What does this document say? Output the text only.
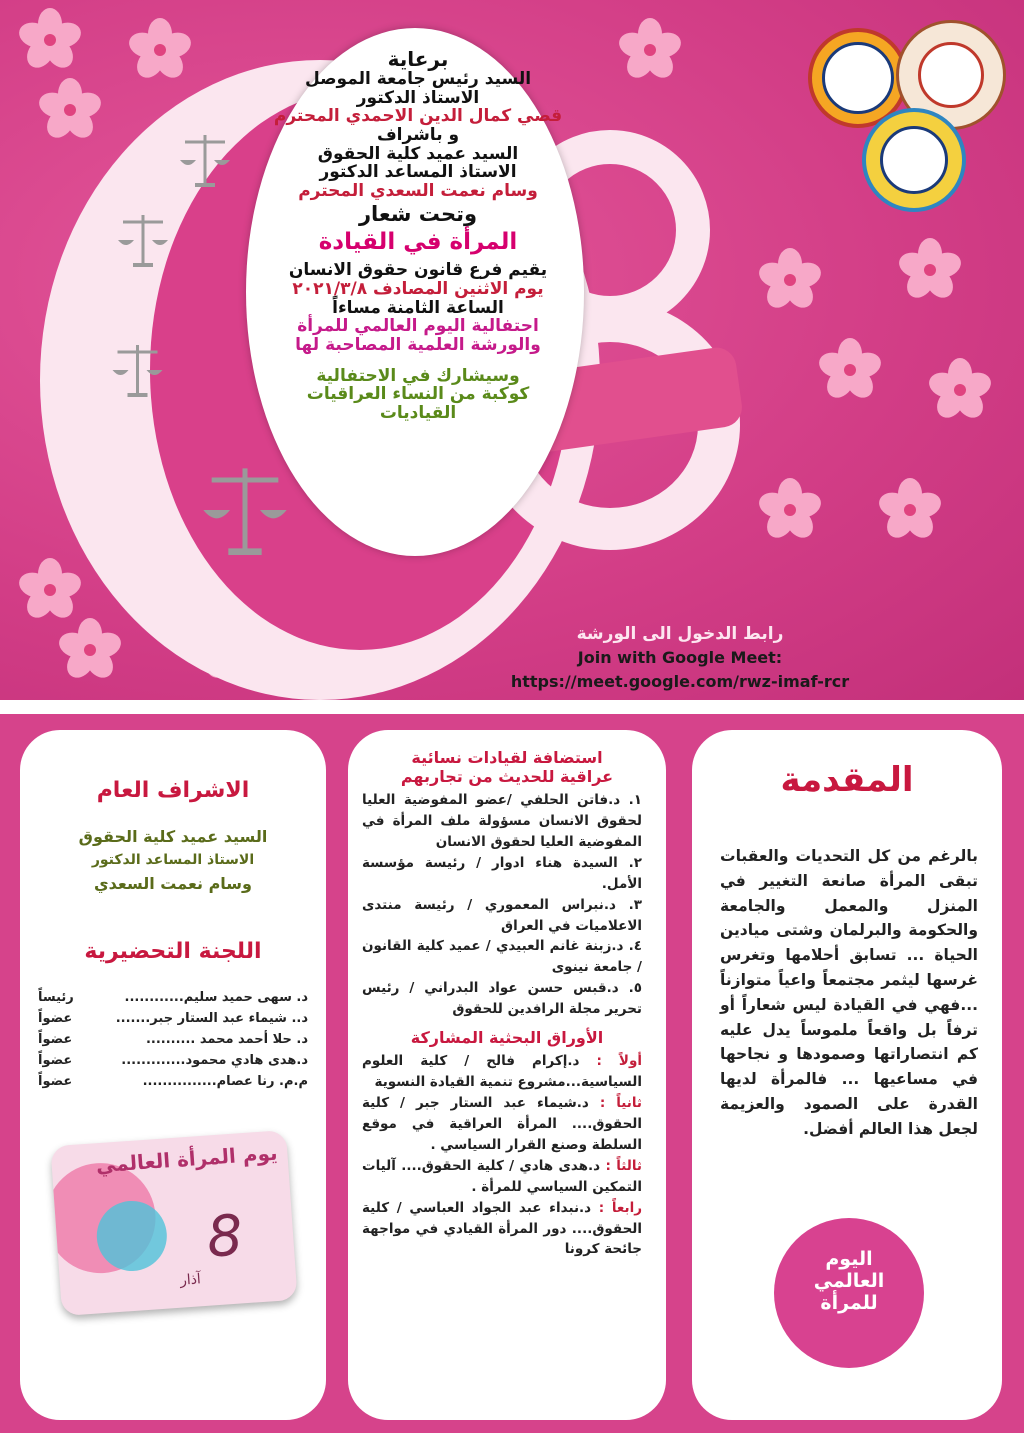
برعاية
السيد رئيس جامعة الموصل
الاستاذ الدكتور
قصي كمال الدين الاحمدي المحترم
و باشراف
السيد عميد كلية الحقوق
الاستاذ المساعد الدكتور
وسام نعمت السعدي المحترم
وتحت شعار
المرأة في القيادة
يقيم فرع قانون حقوق الانسان
يوم الاثنين المصادف ٢٠٢١/٣/٨
الساعة الثامنة مساءاً
احتفالية اليوم العالمي للمرأة
والورشة العلمية المصاحبة لها
وسيشارك في الاحتفالية
كوكبة من النساء العراقيات
القياديات
رابط الدخول الى الورشة
Join with Google Meet:
https://meet.google.com/rwz-imaf-rcr
المقدمة
بالرغم من كل التحديات والعقبات تبقى المرأة صانعة التغيير في المنزل والمعمل والجامعة والحكومة والبرلمان وشتى ميادين الحياة ... تسابق أحلامها وتغرس غرسها ليثمر مجتمعاً واعياً متوازناً ...فهي في القيادة ليس شعاراً أو ترفاً بل واقعاً ملموساً يدل عليه كم انتصاراتها وصمودها و نجاحها في مساعيها ... فالمرأة لديها القدرة على الصمود والعزيمة لجعل هذا العالم أفضل.
اليوم
العالمي
للمرأة
استضافة لقيادات نسائية
عراقية للحديث من تجاربهم
١. د.فاتن الحلفي /عضو المفوضية العليا لحقوق الانسان مسؤولة ملف المرأة في المفوضية العليا لحقوق الانسان
٢. السيدة هناء ادوار / رئيسة مؤسسة الأمل.
٣. د.نبراس المعموري / رئيسة منتدى الاعلاميات في العراق
٤. د.زبنة غانم العبيدي / عميد كلية القانون / جامعة نينوى
٥. د.قبس حسن عواد البدراني / رئيس تحرير مجلة الرافدين للحقوق
الأوراق البحثية المشاركة
أولاً : د.إكرام فالح / كلية العلوم السياسية...مشروع تنمية القيادة النسوية
ثانياً : د.شيماء عبد الستار جبر / كلية الحقوق.... المرأة العراقية في موقع السلطة وصنع القرار السياسي .
ثالثاً : د.هدى هادي / كلية الحقوق.... آليات التمكين السياسي للمرأة .
رابعاً : د.نبداء عبد الجواد العباسي / كلية الحقوق.... دور المرأة القيادي في مواجهة جائحة كرونا
الاشراف العام
السيد عميد كلية الحقوق
الاستاذ المساعد الدكتور
وسام نعمت السعدي
اللجنة التحضيرية
د. سهى حميد سليم............
رئيساً
د.. شيماء عبد الستار جبر.......
عضواً
د. حلا أحمد محمد ..........
عضواً
د.هدى هادي محمود.............
عضواً
م.م. رنا عصام...............
عضواً
يوم المرأة العالمي
8
آذار
